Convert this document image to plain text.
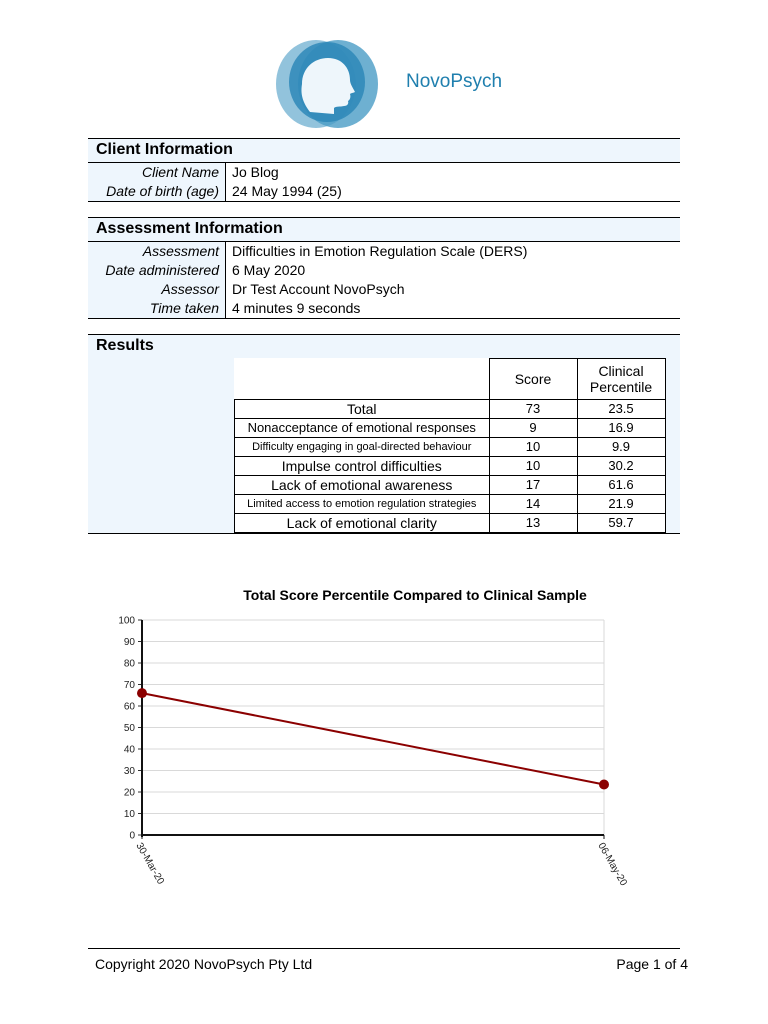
NovoPsych
Client Information
Client Name Jo Blog
Date of birth (age) 24 May 1994 (25)
Assessment Information
Assessment Difficulties in Emotion Regulation Scale (DERS)
Date administered 6 May 2020
Assessor Dr Test Account NovoPsych
Time taken 4 minutes 9 seconds
Results
	Score	Clinical
Percentile
Total	73	23.5
Nonacceptance of emotional responses	9	16.9
Difficulty engaging in goal-directed behaviour	10	9.9
Impulse control difficulties	10	30.2
Lack of emotional awareness	17	61.6
Limited access to emotion regulation strategies	14	21.9
Lack of emotional clarity	13	59.7
Total Score Percentile Compared to Clinical Sample
0
10
20
30
40
50
60
70
80
90
100
30-Mar-20	06-May-20
Copyright 2020 NovoPsych Pty Ltd	Page 1 of 4
